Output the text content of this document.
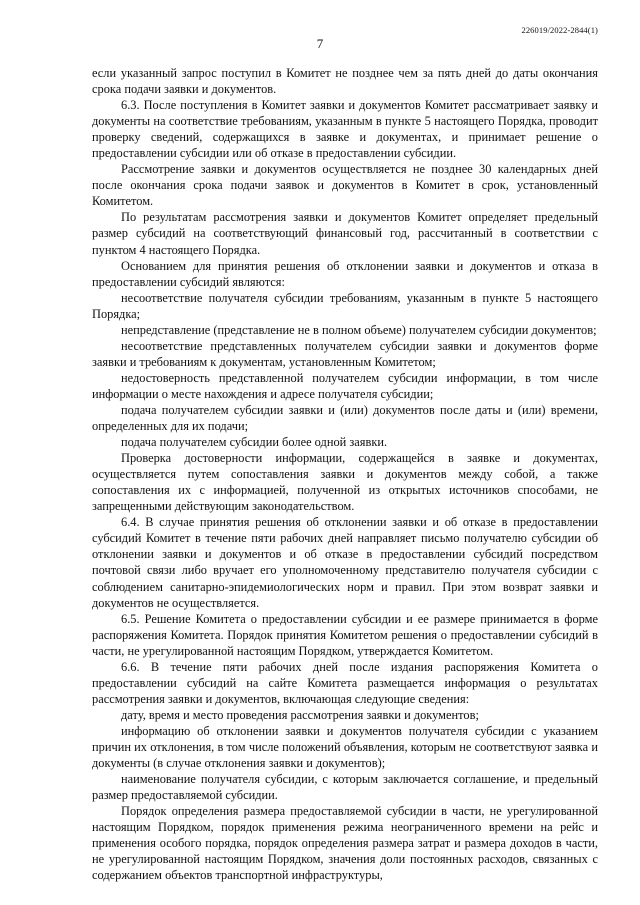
226019/2022-2844(1)
7

если указанный запрос поступил в Комитет не позднее чем за пять дней до даты окончания срока подачи заявки и документов.

6.3. После поступления в Комитет заявки и документов Комитет рассматривает заявку и документы на соответствие требованиям, указанным в пункте 5 настоящего Порядка, проводит проверку сведений, содержащихся в заявке и документах, и принимает решение о предоставлении субсидии или об отказе в предоставлении субсидии.

Рассмотрение заявки и документов осуществляется не позднее 30 календарных дней после окончания срока подачи заявок и документов в Комитет в срок, установленный Комитетом.

По результатам рассмотрения заявки и документов Комитет определяет предельный размер субсидий на соответствующий финансовый год, рассчитанный в соответствии с пунктом 4 настоящего Порядка.

Основанием для принятия решения об отклонении заявки и документов и отказа в предоставлении субсидий являются:

несоответствие получателя субсидии требованиям, указанным в пункте 5 настоящего Порядка;

непредставление (представление не в полном объеме) получателем субсидии документов;

несоответствие представленных получателем субсидии заявки и документов форме заявки и требованиям к документам, установленным Комитетом;

недостоверность представленной получателем субсидии информации, в том числе информации о месте нахождения и адресе получателя субсидии;

подача получателем субсидии заявки и (или) документов после даты и (или) времени, определенных для их подачи;

подача получателем субсидии более одной заявки.

Проверка достоверности информации, содержащейся в заявке и документах, осуществляется путем сопоставления заявки и документов между собой, а также сопоставления их с информацией, полученной из открытых источников способами, не запрещенными действующим законодательством.

6.4. В случае принятия решения об отклонении заявки и об отказе в предоставлении субсидий Комитет в течение пяти рабочих дней направляет письмо получателю субсидии об отклонении заявки и документов и об отказе в предоставлении субсидий посредством почтовой связи либо вручает его уполномоченному представителю получателя субсидии с соблюдением санитарно-эпидемиологических норм и правил. При этом возврат заявки и документов не осуществляется.

6.5. Решение Комитета о предоставлении субсидии и ее размере принимается в форме распоряжения Комитета. Порядок принятия Комитетом решения о предоставлении субсидий в части, не урегулированной настоящим Порядком, утверждается Комитетом.

6.6. В течение пяти рабочих дней после издания распоряжения Комитета о предоставлении субсидий на сайте Комитета размещается информация о результатах рассмотрения заявки и документов, включающая следующие сведения:

дату, время и место проведения рассмотрения заявки и документов;

информацию об отклонении заявки и документов получателя субсидии с указанием причин их отклонения, в том числе положений объявления, которым не соответствуют заявка и документы (в случае отклонения заявки и документов);

наименование получателя субсидии, с которым заключается соглашение, и предельный размер предоставляемой субсидии.

Порядок определения размера предоставляемой субсидии в части, не урегулированной настоящим Порядком, порядок применения режима неограниченного времени на рейс и применения особого порядка, порядок определения размера затрат и размера доходов в части, не урегулированной настоящим Порядком, значения доли постоянных расходов, связанных с содержанием объектов транспортной инфраструктуры,
